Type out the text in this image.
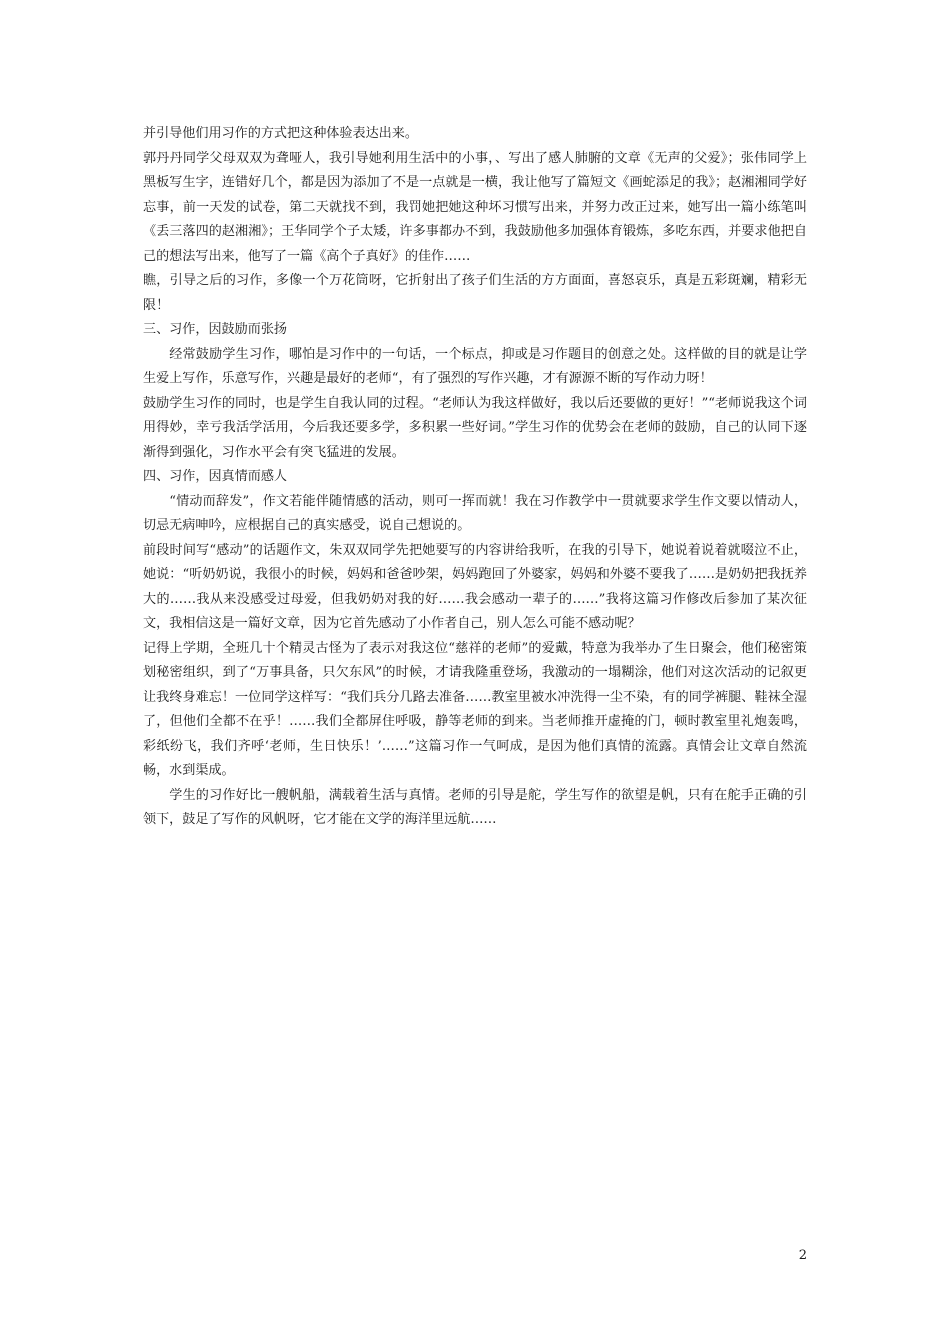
并引导他们用习作的方式把这种体验表达出来。

郭丹丹同学父母双双为聋哑人，我引导她利用生活中的小事，、写出了感人肺腑的文章《无声的父爱》；张伟同学上黑板写生字，连错好几个，都是因为添加了不是一点就是一横，我让他写了篇短文《画蛇添足的我》；赵湘湘同学好忘事，前一天发的试卷，第二天就找不到，我罚她把她这种坏习惯写出来，并努力改正过来，她写出一篇小练笔叫《丢三落四的赵湘湘》；王华同学个子太矮，许多事都办不到，我鼓励他多加强体育锻炼，多吃东西，并要求他把自己的想法写出来，他写了一篇《高个子真好》的佳作……

瞧，引导之后的习作，多像一个万花筒呀，它折射出了孩子们生活的方方面面，喜怒哀乐，真是五彩斑斓，精彩无限！

三、习作，因鼓励而张扬

经常鼓励学生习作，哪怕是习作中的一句话，一个标点，抑或是习作题目的创意之处。这样做的目的就是让学生爱上写作，乐意写作，兴趣是最好的老师“，有了强烈的写作兴趣，才有源源不断的写作动力呀！

鼓励学生习作的同时，也是学生自我认同的过程。“老师认为我这样做好，我以后还要做的更好！”“老师说我这个词用得妙，幸亏我活学活用，今后我还要多学，多积累一些好词。”学生习作的优势会在老师的鼓励，自己的认同下逐渐得到强化，习作水平会有突飞猛进的发展。

四、习作，因真情而感人

“情动而辞发”，作文若能伴随情感的活动，则可一挥而就！我在习作教学中一贯就要求学生作文要以情动人，切忌无病呻吟，应根据自己的真实感受，说自己想说的。

前段时间写“感动”的话题作文，朱双双同学先把她要写的内容讲给我听，在我的引导下，她说着说着就啜泣不止，她说：“听奶奶说，我很小的时候，妈妈和爸爸吵架，妈妈跑回了外婆家，妈妈和外婆不要我了……是奶奶把我抚养大的……我从来没感受过母爱，但我奶奶对我的好……我会感动一辈子的……”我将这篇习作修改后参加了某次征文，我相信这是一篇好文章，因为它首先感动了小作者自己，别人怎么可能不感动呢？

记得上学期，全班几十个精灵古怪为了表示对我这位“慈祥的老师”的爱戴，特意为我举办了生日聚会，他们秘密策划秘密组织，到了“万事具备，只欠东风”的时候，才请我隆重登场，我激动的一塌糊涂，他们对这次活动的记叙更让我终身难忘！一位同学这样写：“我们兵分几路去准备……教室里被水冲洗得一尘不染，有的同学裤腿、鞋袜全湿了，但他们全都不在乎！……我们全都屏住呼吸，静等老师的到来。当老师推开虚掩的门，顿时教室里礼炮轰鸣，彩纸纷飞，我们齐呼‘老师，生日快乐！’……”这篇习作一气呵成，是因为他们真情的流露。真情会让文章自然流畅，水到渠成。

学生的习作好比一艘帆船，满载着生活与真情。老师的引导是舵，学生写作的欲望是帆，只有在舵手正确的引领下，鼓足了写作的风帆呀，它才能在文学的海洋里远航……

2
